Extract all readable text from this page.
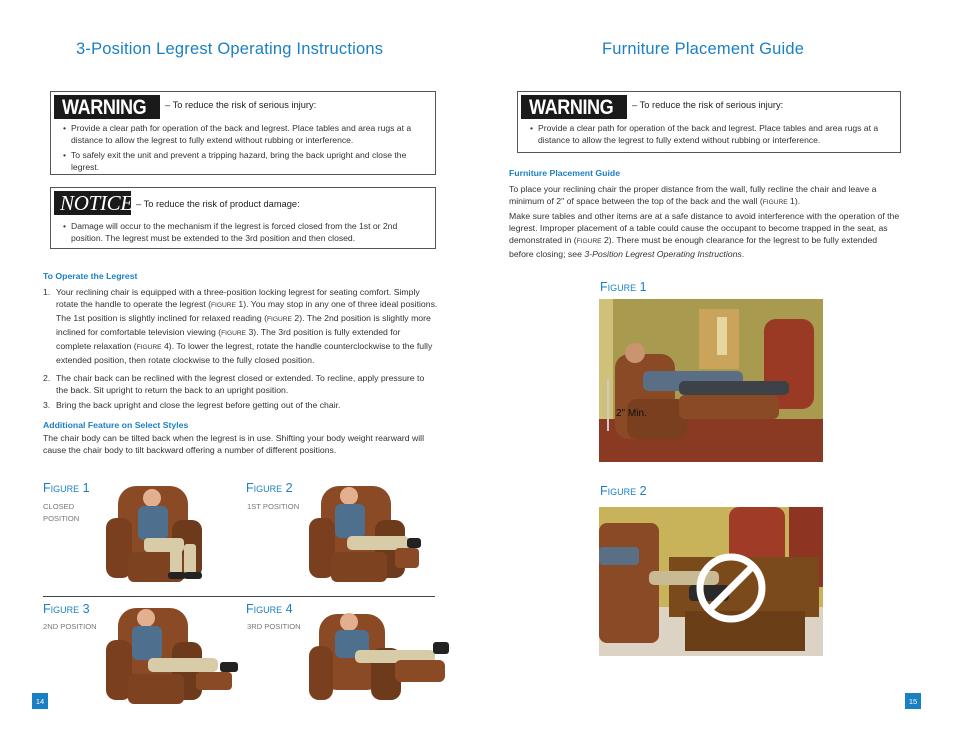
3-Position Legrest Operating Instructions
WARNING – To reduce the risk of serious injury:
• Provide a clear path for operation of the back and legrest. Place tables and area rugs at a distance to allow the legrest to fully extend without rubbing or interference.
• To safely exit the unit and prevent a tripping hazard, bring the back upright and close the legrest.
NOTICE – To reduce the risk of product damage:
• Damage will occur to the mechanism if the legrest is forced closed from the 1st or 2nd position. The legrest must be extended to the 3rd position and then closed.
To Operate the Legrest
1. Your reclining chair is equipped with a three-position locking legrest for seating comfort. Simply rotate the handle to operate the legrest (FIGURE 1). You may stop in any one of three ideal positions. The 1st position is slightly inclined for relaxed reading (FIGURE 2). The 2nd position is slightly more inclined for comfortable television viewing (FIGURE 3). The 3rd position is fully extended for complete relaxation (FIGURE 4). To lower the legrest, rotate the handle counterclockwise to the fully extended position, then rotate clockwise to the fully closed position.
2. The chair back can be reclined with the legrest closed or extended. To recline, apply pressure to the back. Sit upright to return the back to an upright position.
3. Bring the back upright and close the legrest before getting out of the chair.
Additional Feature on Select Styles
The chair body can be tilted back when the legrest is in use. Shifting your body weight rearward will cause the chair body to tilt backward offering a number of different positions.
Figure 1
CLOSED POSITION
Figure 2
1ST POSITION
Figure 3
2ND POSITION
Figure 4
3RD POSITION
14
Furniture Placement Guide
WARNING – To reduce the risk of serious injury:
• Provide a clear path for operation of the back and legrest. Place tables and area rugs at a distance to allow the legrest to fully extend without rubbing or interference.
Furniture Placement Guide
To place your reclining chair the proper distance from the wall, fully recline the chair and leave a minimum of 2" of space between the top of the back and the wall (FIGURE 1).
Make sure tables and other items are at a safe distance to avoid interference with the operation of the legrest. Improper placement of a table could cause the occupant to become trapped in the seat, as demonstrated in (FIGURE 2). There must be enough clearance for the legrest to be fully extended before closing; see 3-Position Legrest Operating Instructions.
Figure 1
2" Min.
Figure 2
15
